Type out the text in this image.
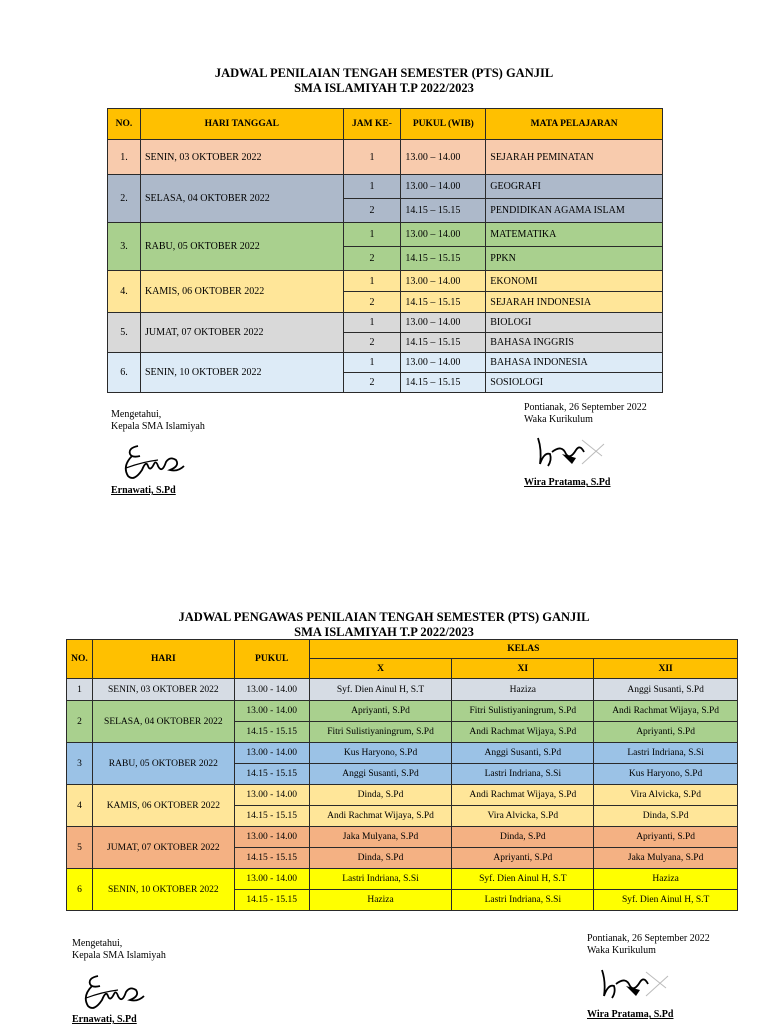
JADWAL PENILAIAN TENGAH SEMESTER (PTS) GANJIL
SMA ISLAMIYAH T.P 2022/2023
NO.	HARI TANGGAL	JAM KE-	PUKUL (WIB)	MATA PELAJARAN
1.	SENIN, 03 OKTOBER 2022	1	13.00 – 14.00	SEJARAH PEMINATAN
2.	SELASA, 04 OKTOBER 2022	1	13.00 – 14.00	GEOGRAFI
		2	14.15 – 15.15	PENDIDIKAN AGAMA ISLAM
3.	RABU, 05 OKTOBER 2022	1	13.00 – 14.00	MATEMATIKA
		2	14.15 – 15.15	PPKN
4.	KAMIS, 06 OKTOBER 2022	1	13.00 – 14.00	EKONOMI
		2	14.15 – 15.15	SEJARAH INDONESIA
5.	JUMAT, 07 OKTOBER 2022	1	13.00 – 14.00	BIOLOGI
		2	14.15 – 15.15	BAHASA INGGRIS
6.	SENIN, 10 OKTOBER 2022	1	13.00 – 14.00	BAHASA INDONESIA
		2	14.15 – 15.15	SOSIOLOGI
Mengetahui,
Kepala SMA Islamiyah
Ernawati, S.Pd
Pontianak, 26 September 2022
Waka Kurikulum
Wira Pratama, S.Pd
JADWAL PENGAWAS PENILAIAN TENGAH SEMESTER (PTS) GANJIL
SMA ISLAMIYAH T.P 2022/2023
NO.	HARI	PUKUL	KELAS		
			X	XI	XII
1	SENIN, 03 OKTOBER 2022	13.00 - 14.00	Syf. Dien Ainul H, S.T	Haziza	Anggi Susanti, S.Pd
2	SELASA, 04 OKTOBER 2022	13.00 - 14.00	Apriyanti, S.Pd	Fitri Sulistiyaningrum, S.Pd	Andi Rachmat Wijaya, S.Pd
		14.15 - 15.15	Fitri Sulistiyaningrum, S.Pd	Andi Rachmat Wijaya, S.Pd	Apriyanti, S.Pd
3	RABU, 05 OKTOBER 2022	13.00 - 14.00	Kus Haryono, S.Pd	Anggi Susanti, S.Pd	Lastri Indriana, S.Si
		14.15 - 15.15	Anggi Susanti, S.Pd	Lastri Indriana, S.Si	Kus Haryono, S.Pd
4	KAMIS, 06 OKTOBER 2022	13.00 - 14.00	Dinda, S.Pd	Andi Rachmat Wijaya, S.Pd	Vira Alvicka, S.Pd
		14.15 - 15.15	Andi Rachmat Wijaya, S.Pd	Vira Alvicka, S.Pd	Dinda, S.Pd
5	JUMAT, 07 OKTOBER 2022	13.00 - 14.00	Jaka Mulyana, S.Pd	Dinda, S.Pd	Apriyanti, S.Pd
		14.15 - 15.15	Dinda, S.Pd	Apriyanti, S.Pd	Jaka Mulyana, S.Pd
6	SENIN, 10 OKTOBER 2022	13.00 - 14.00	Lastri Indriana, S.Si	Syf. Dien Ainul H, S.T	Haziza
		14.15 - 15.15	Haziza	Lastri Indriana, S.Si	Syf. Dien Ainul H, S.T
Mengetahui,
Kepala SMA Islamiyah
Ernawati, S.Pd
Pontianak, 26 September 2022
Waka Kurikulum
Wira Pratama, S.Pd
